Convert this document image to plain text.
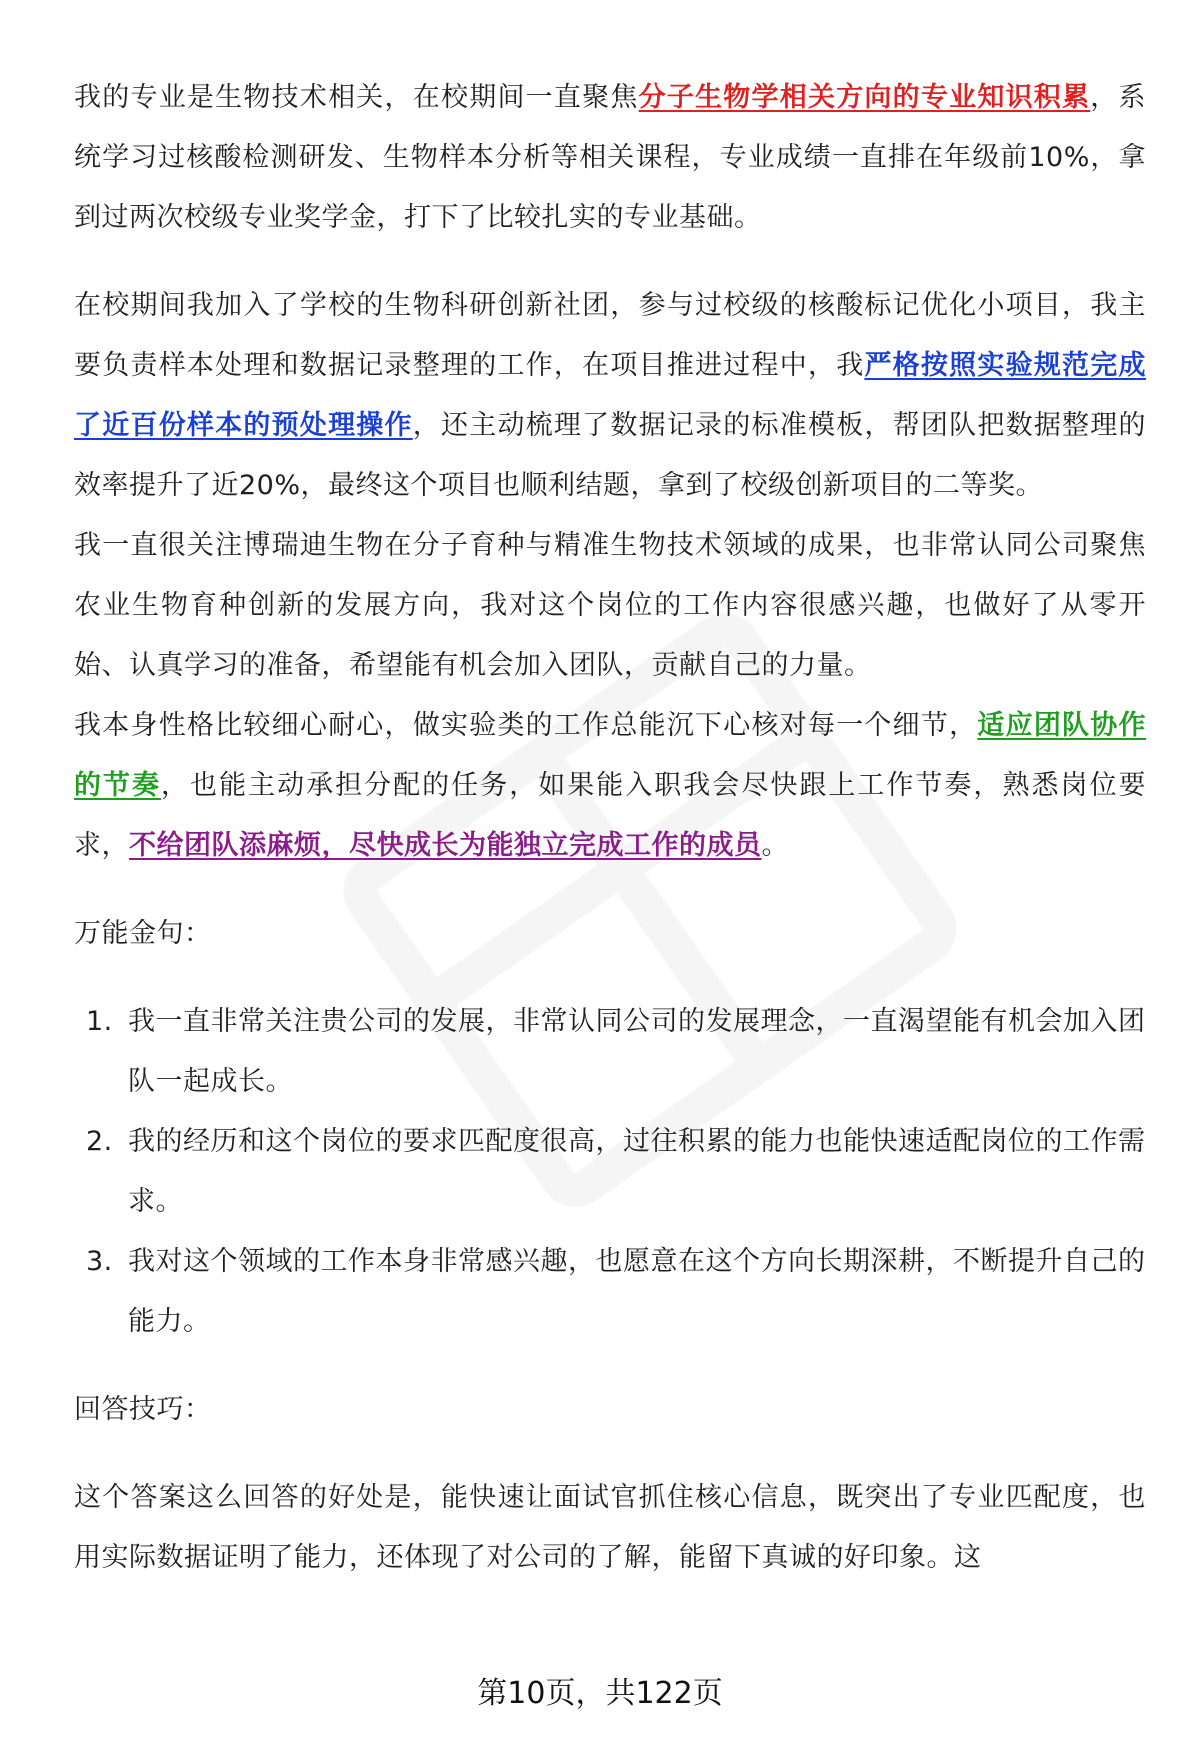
我的专业是生物技术相关，在校期间一直聚焦分子生物学相关方向的专业知识积累，系统学习过核酸检测研发、生物样本分析等相关课程，专业成绩一直排在年级前10%，拿到过两次校级专业奖学金，打下了比较扎实的专业基础。

在校期间我加入了学校的生物科研创新社团，参与过校级的核酸标记优化小项目，我主要负责样本处理和数据记录整理的工作，在项目推进过程中，我严格按照实验规范完成了近百份样本的预处理操作，还主动梳理了数据记录的标准模板，帮团队把数据整理的效率提升了近20%，最终这个项目也顺利结题，拿到了校级创新项目的二等奖。

我一直很关注博瑞迪生物在分子育种与精准生物技术领域的成果，也非常认同公司聚焦农业生物育种创新的发展方向，我对这个岗位的工作内容很感兴趣，也做好了从零开始、认真学习的准备，希望能有机会加入团队，贡献自己的力量。

我本身性格比较细心耐心，做实验类的工作总能沉下心核对每一个细节，适应团队协作的节奏，也能主动承担分配的任务，如果能入职我会尽快跟上工作节奏，熟悉岗位要求，不给团队添麻烦，尽快成长为能独立完成工作的成员。

万能金句：

1. 我一直非常关注贵公司的发展，非常认同公司的发展理念，一直渴望能有机会加入团队一起成长。
2. 我的经历和这个岗位的要求匹配度很高，过往积累的能力也能快速适配岗位的工作需求。
3. 我对这个领域的工作本身非常感兴趣，也愿意在这个方向长期深耕，不断提升自己的能力。

回答技巧：

这个答案这么回答的好处是，能快速让面试官抓住核心信息，既突出了专业匹配度，也用实际数据证明了能力，还体现了对公司的了解，能留下真诚的好印象。这

第10页，共122页
